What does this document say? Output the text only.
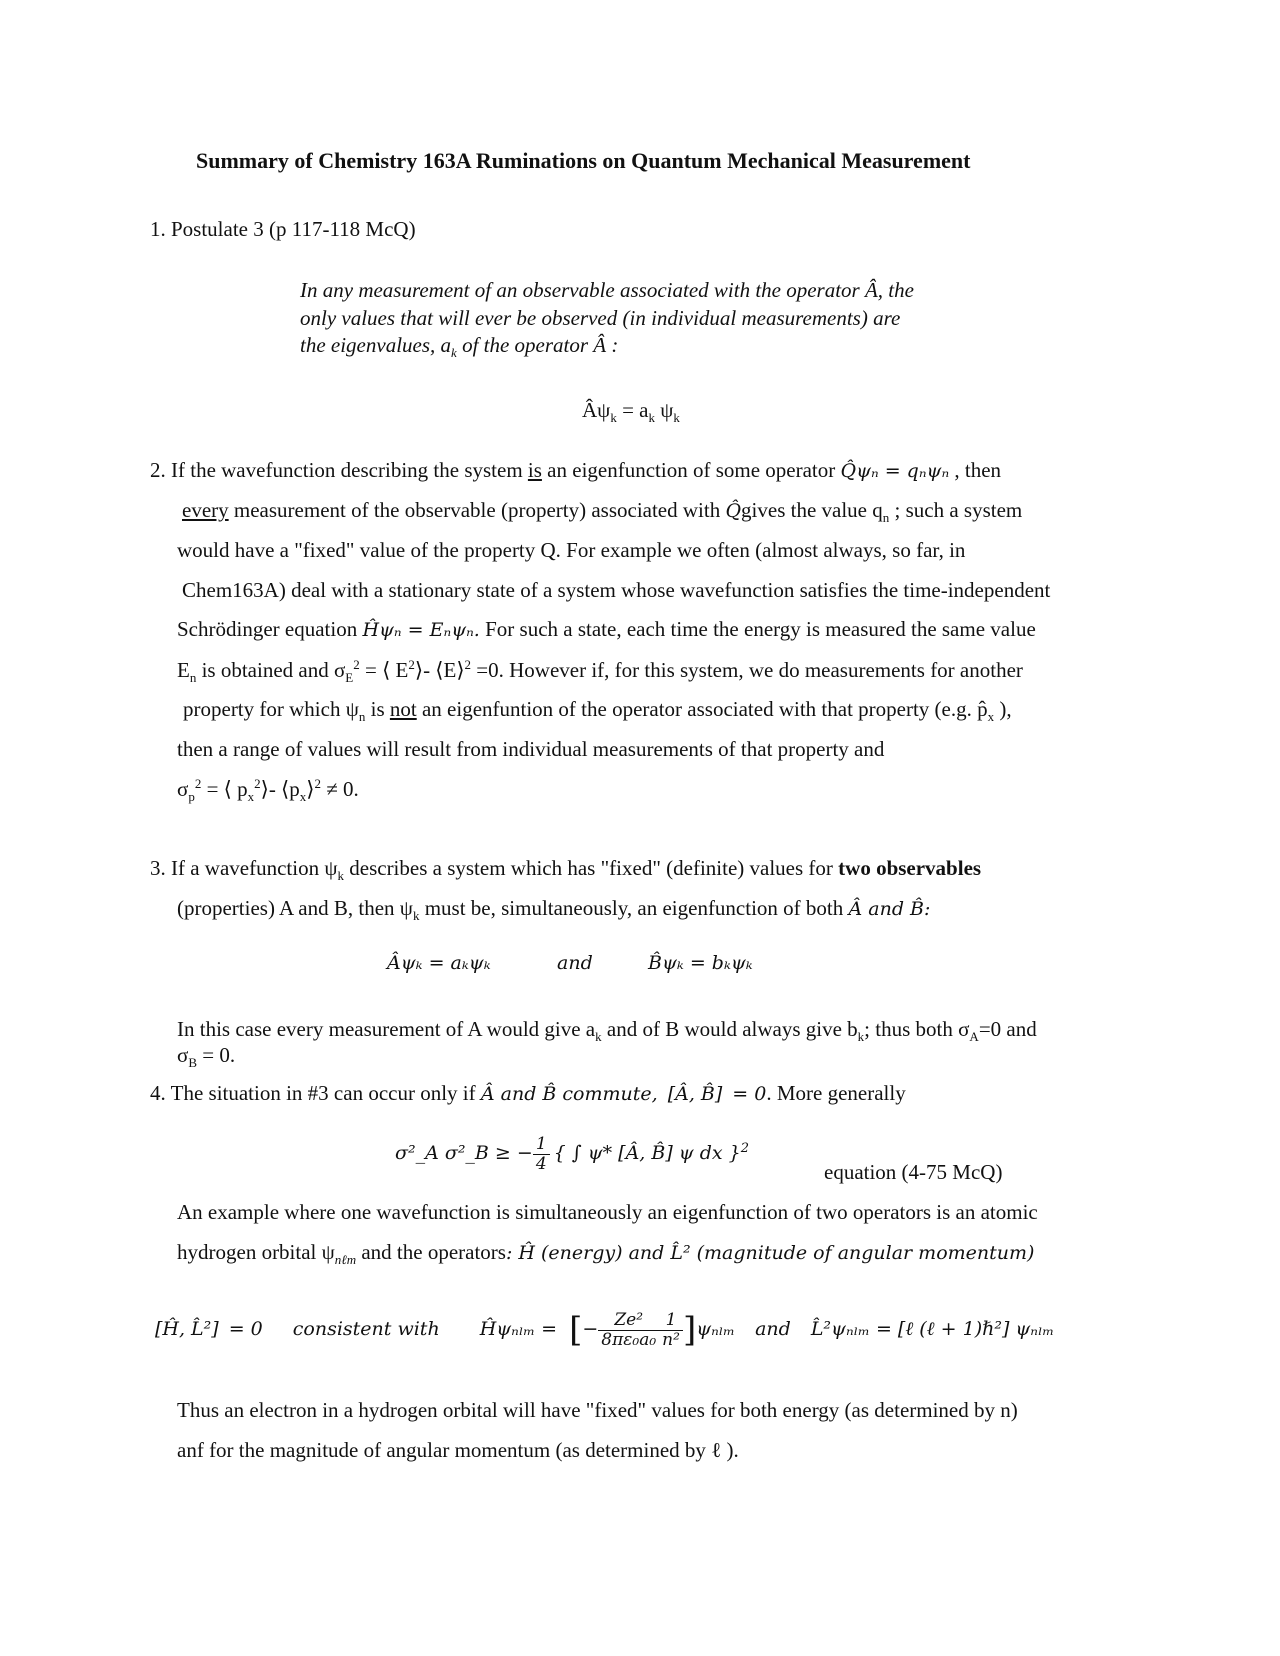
Summary of Chemistry 163A Ruminations on Quantum Mechanical Measurement
1. Postulate 3 (p 117-118 McQ)
In any measurement of an observable associated with the operator Â, the
only values that will ever be observed (in individual measurements) are
the eigenvalues, $a_k$ of the operator Â :
$Â\psi_k = a_k$ $\psi_k$
2. If the wavefunction describing the system is an eigenfunction of some operator Q̂ψₙ = qₙψₙ , then
every measurement of the observable (property) associated with Q̂gives the value $q_n$ ; such a system
would have a "fixed" value of the property Q. For example we often (almost always, so far, in
Chem163A) deal with a stationary state of a system whose wavefunction satisfies the time-independent
Schrödinger equation Ĥψₙ = Eₙψₙ. For such a state, each time the energy is measured the same value
$E_n$ is obtained and $\sigma_E^2$ = ⟨ $E^2⟩-$ ⟨E⟩$^2$ =0. However if, for this system, we do measurements for another
property for which $\psi_n$ is not an eigenfuntion of the operator associated with that property (e.g. $p̂_x$ ),
then a range of values will result from individual measurements of that property and
$\sigma_p^2$ = ⟨ $p_x^2⟩-$ $⟨p_x⟩^2 \ne 0$.
3. If a wavefunction $\psi_k$ describes a system which has "fixed" (definite) values for two observables
(properties) A and B, then $\psi_k$ must be, simultaneously, an eigenfunction of both Â and B̂:
Âψₖ = aₖψₖ	and	B̂ψₖ = bₖψₖ
In this case every measurement of A would give $a_k$ and of B would always give $b_k$; thus both $\sigma_A=0$ and
$\sigma_B = 0$.
4. The situation in #3 can occur only if Â and B̂ commute, [Â, B̂] = 0. More generally
σ²_A σ²_B ≥ − $\frac{1}{4}$ { ∫ ψ* [Â, B̂] ψ dx }$^2$
equation (4-75 McQ)
An example where one wavefunction is simultaneously an eigenfunction of two operators is an atomic
hydrogen orbital $\psi_{n\ell m}$ and the operators: Ĥ (energy) and L̂² (magnitude of angular momentum)
[Ĥ, L̂²] = 0 consistent with Ĥψₙₗₘ = [− $\frac{\text{Ze²}}{\text{8πε₀a₀}} \frac{1}{\text{n²}} ]\psi_{nlm}$ and L̂²ψₙₗₘ = [ℓ (ℓ + 1)ℏ²] ψₙₗₘ
Thus an electron in a hydrogen orbital will have "fixed" values for both energy (as determined by n)
anf for the magnitude of angular momentum (as determined by ℓ ).
